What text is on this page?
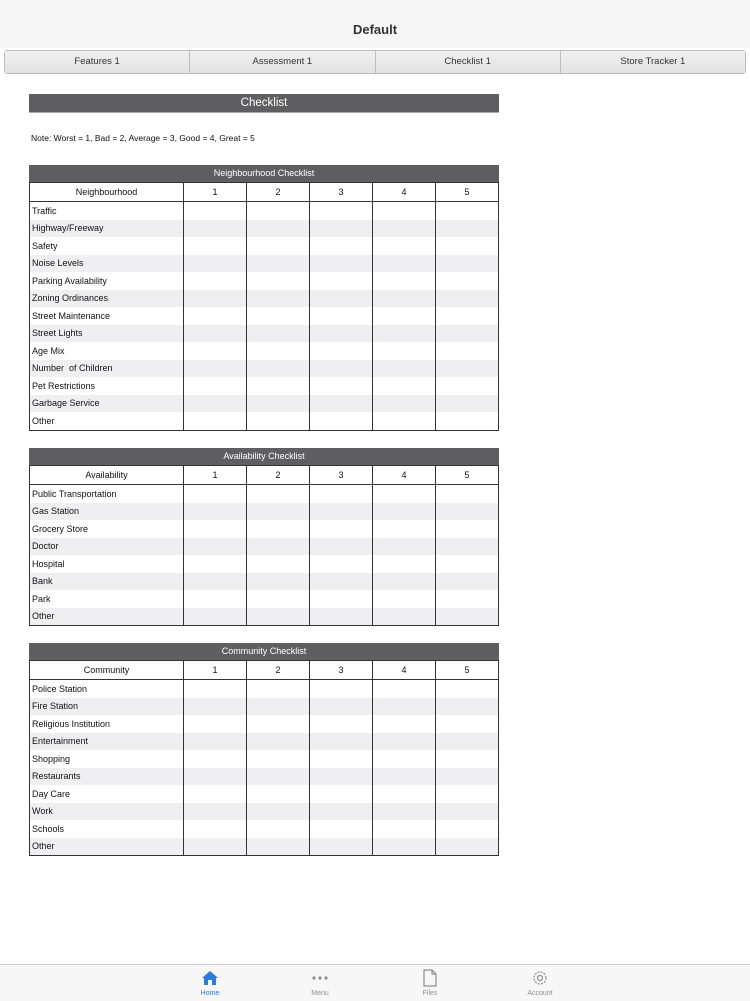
Default
Features 1	Assessment 1	Checklist 1	Store Tracker 1
Checklist
Note: Worst = 1, Bad = 2, Average = 3, Good = 4, Great = 5
Neighbourhood Checklist
Neighbourhood	1	2	3	4	5
Traffic					
Highway/Freeway					
Safety					
Noise Levels					
Parking Availability					
Zoning Ordinances					
Street Maintenance					
Street Lights					
Age Mix					
Number  of Children					
Pet Restrictions					
Garbage Service					
Other					
Availability Checklist
Availability	1	2	3	4	5
Public Transportation					
Gas Station					
Grocery Store					
Doctor					
Hospital					
Bank					
Park					
Other					
Community Checklist
Community	1	2	3	4	5
Police Station					
Fire Station					
Religious Institution					
Entertainment					
Shopping					
Restaurants					
Day Care					
Work					
Schools					
Other					
Home	Menu	Files	Account
